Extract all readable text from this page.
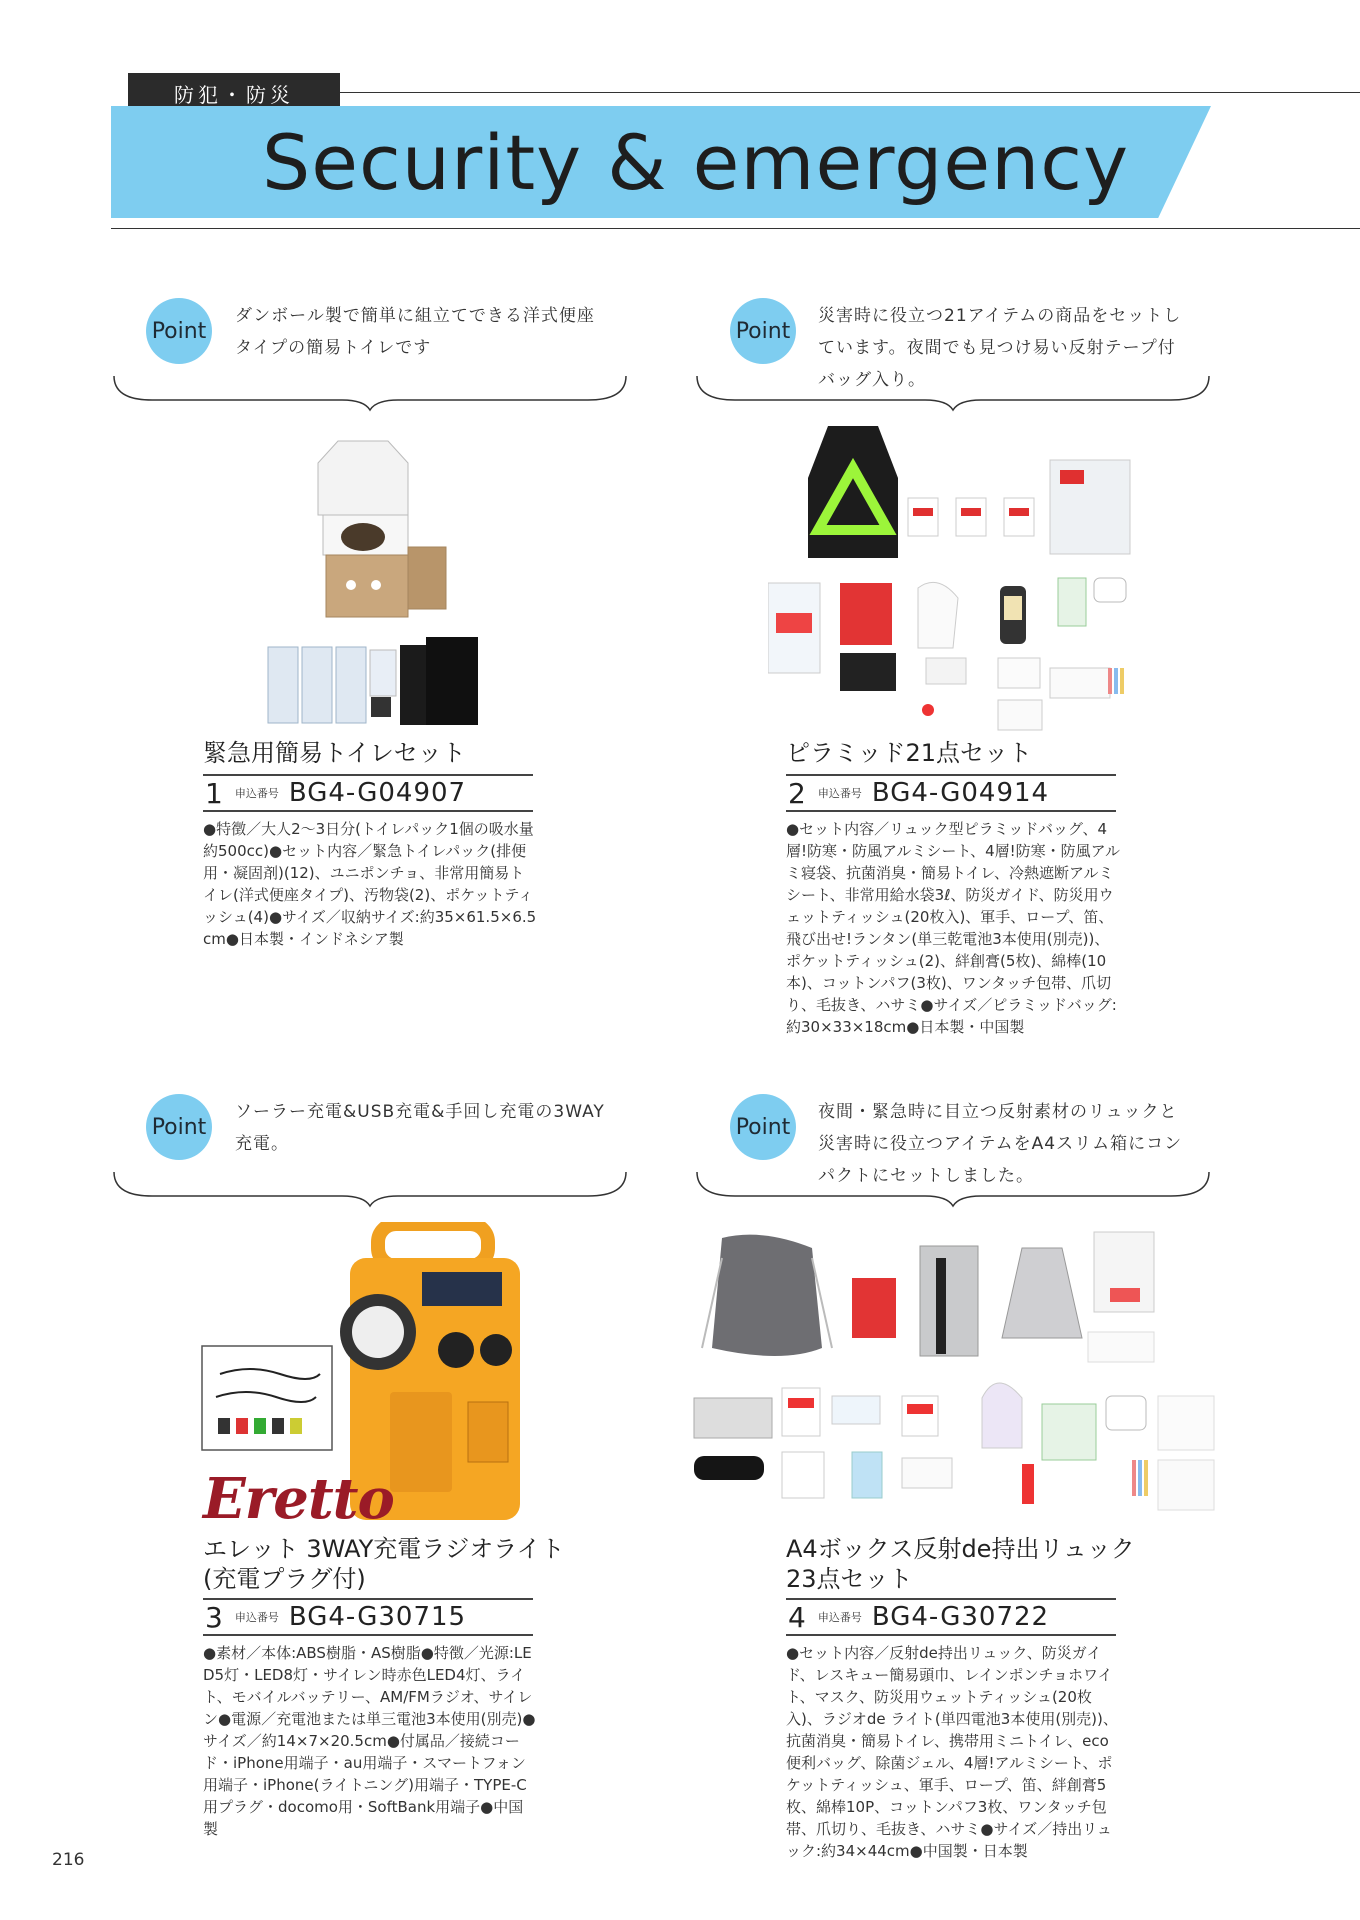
防犯・防災
Security & emergency
Point
ダンボール製で簡単に組立てできる洋式便座タイプの簡易トイレです
緊急用簡易トイレセット
1 申込番号 BG4-G04907
●特徴／大人2～3日分(トイレパック1個の吸水量約500cc)●セット内容／緊急トイレパック(排便用・凝固剤)(12)、ユニポンチョ、非常用簡易トイレ(洋式便座タイプ)、汚物袋(2)、ポケットティッシュ(4)●サイズ／収納サイズ:約35×61.5×6.5cm●日本製・インドネシア製
Point
災害時に役立つ21アイテムの商品をセットしています。夜間でも見つけ易い反射テープ付バッグ入り。
ピラミッド21点セット
2 申込番号 BG4-G04914
●セット内容／リュック型ピラミッドバッグ、4層!防寒・防風アルミシート、4層!防寒・防風アルミ寝袋、抗菌消臭・簡易トイレ、冷熱遮断アルミシート、非常用給水袋3ℓ、防災ガイド、防災用ウェットティッシュ(20枚入)、軍手、ロープ、笛、飛び出せ!ランタン(単三乾電池3本使用(別売))、ポケットティッシュ(2)、絆創膏(5枚)、綿棒(10本)、コットンパフ(3枚)、ワンタッチ包帯、爪切り、毛抜き、ハサミ●サイズ／ピラミッドバッグ:約30×33×18cm●日本製・中国製
Point
ソーラー充電&USB充電&手回し充電の3WAY充電。
Eretto
エレット 3WAY充電ラジオライト
(充電プラグ付)
3 申込番号 BG4-G30715
●素材／本体:ABS樹脂・AS樹脂●特徴／光源:LED5灯・LED8灯・サイレン時赤色LED4灯、ライト、モバイルバッテリー、AM/FMラジオ、サイレン●電源／充電池または単三電池3本使用(別売)●サイズ／約14×7×20.5cm●付属品／接続コード・iPhone用端子・au用端子・スマートフォン用端子・iPhone(ライトニング)用端子・TYPE-C用プラグ・docomo用・SoftBank用端子●中国製
Point
夜間・緊急時に目立つ反射素材のリュックと災害時に役立つアイテムをA4スリム箱にコンパクトにセットしました。
A4ボックス反射de持出リュック
23点セット
4 申込番号 BG4-G30722
●セット内容／反射de持出リュック、防災ガイド、レスキュー簡易頭巾、レインポンチョホワイト、マスク、防災用ウェットティッシュ(20枚入)、ラジオde ライト(単四電池3本使用(別売))、抗菌消臭・簡易トイレ、携帯用ミニトイレ、eco便利バッグ、除菌ジェル、4層!アルミシート、ポケットティッシュ、軍手、ロープ、笛、絆創膏5枚、綿棒10P、コットンパフ3枚、ワンタッチ包帯、爪切り、毛抜き、ハサミ●サイズ／持出リュック:約34×44cm●中国製・日本製
216
